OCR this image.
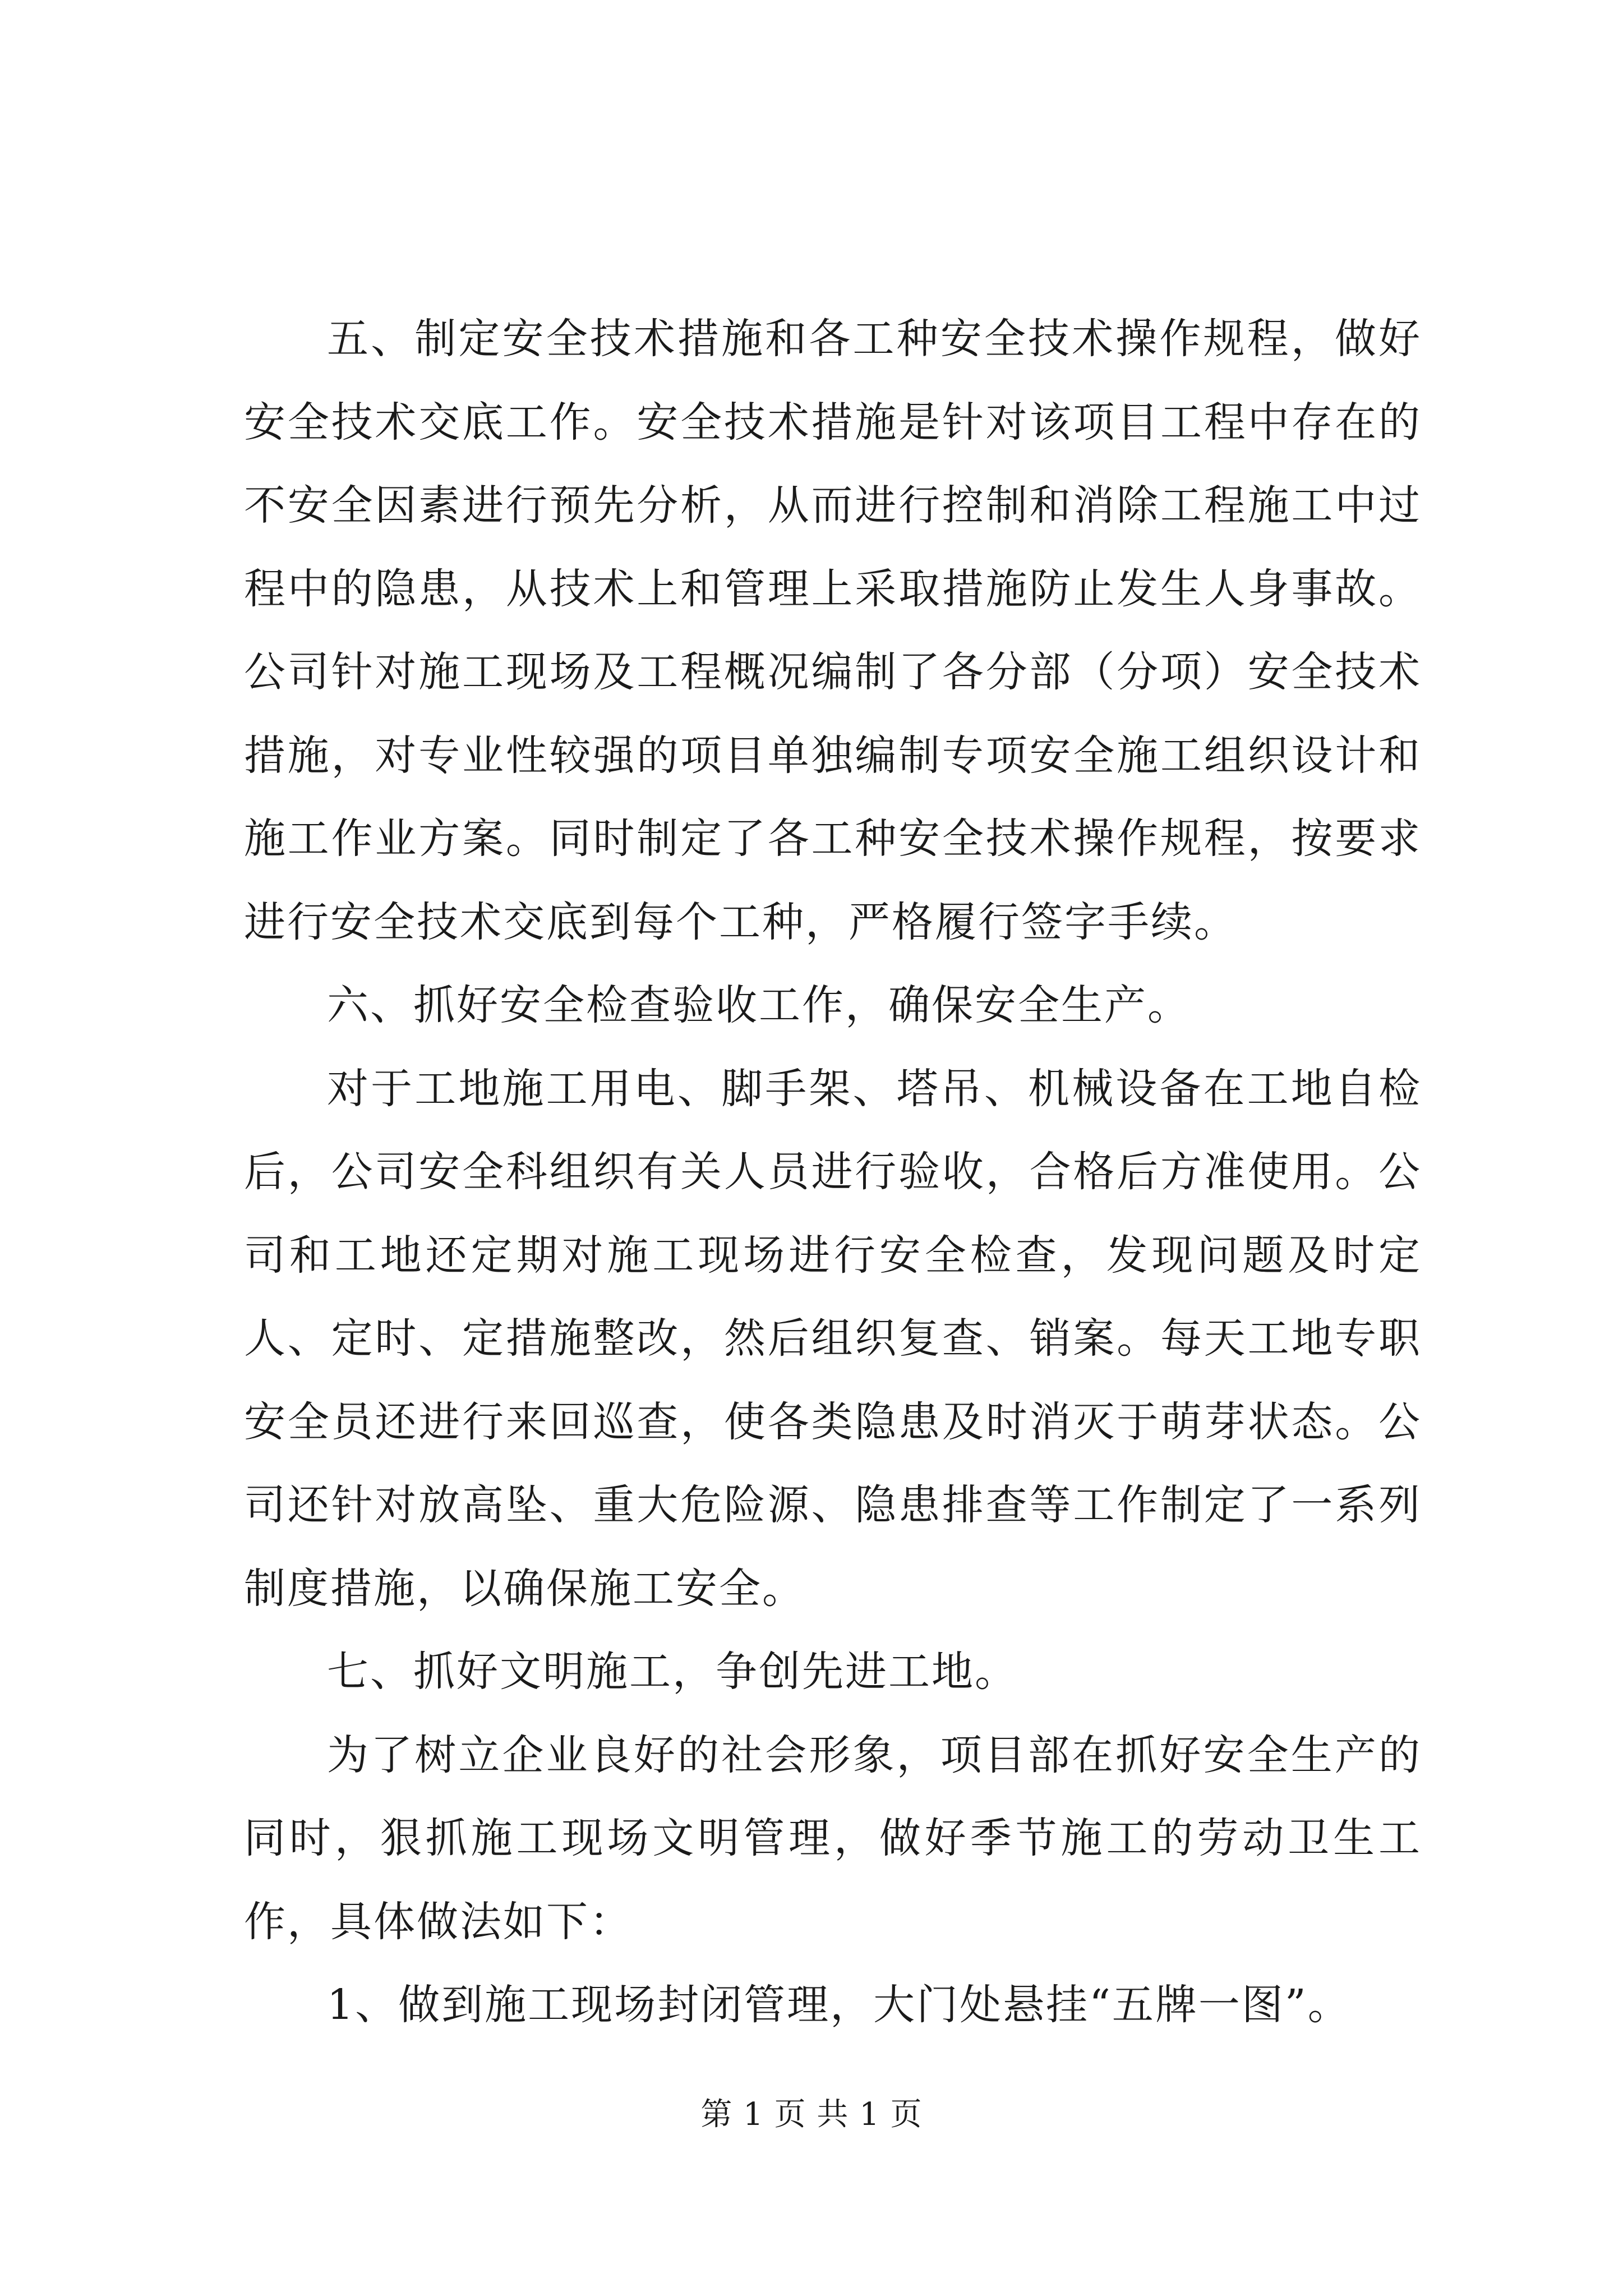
五、制定安全技术措施和各工种安全技术操作规程，做好安全技术交底工作。安全技术措施是针对该项目工程中存在的不安全因素进行预先分析，从而进行控制和消除工程施工中过程中的隐患，从技术上和管理上采取措施防止发生人身事故。公司针对施工现场及工程概况编制了各分部（分项）安全技术措施，对专业性较强的项目单独编制专项安全施工组织设计和施工作业方案。同时制定了各工种安全技术操作规程，按要求进行安全技术交底到每个工种，严格履行签字手续。

六、抓好安全检查验收工作，确保安全生产。

对于工地施工用电、脚手架、塔吊、机械设备在工地自检后，公司安全科组织有关人员进行验收，合格后方准使用。公司和工地还定期对施工现场进行安全检查，发现问题及时定人、定时、定措施整改，然后组织复查、销案。每天工地专职安全员还进行来回巡查，使各类隐患及时消灭于萌芽状态。公司还针对放高坠、重大危险源、隐患排查等工作制定了一系列制度措施，以确保施工安全。

七、抓好文明施工，争创先进工地。

为了树立企业良好的社会形象，项目部在抓好安全生产的同时，狠抓施工现场文明管理，做好季节施工的劳动卫生工作，具体做法如下：

1、做到施工现场封闭管理，大门处悬挂“五牌一图”。

第 1 页 共 1 页
